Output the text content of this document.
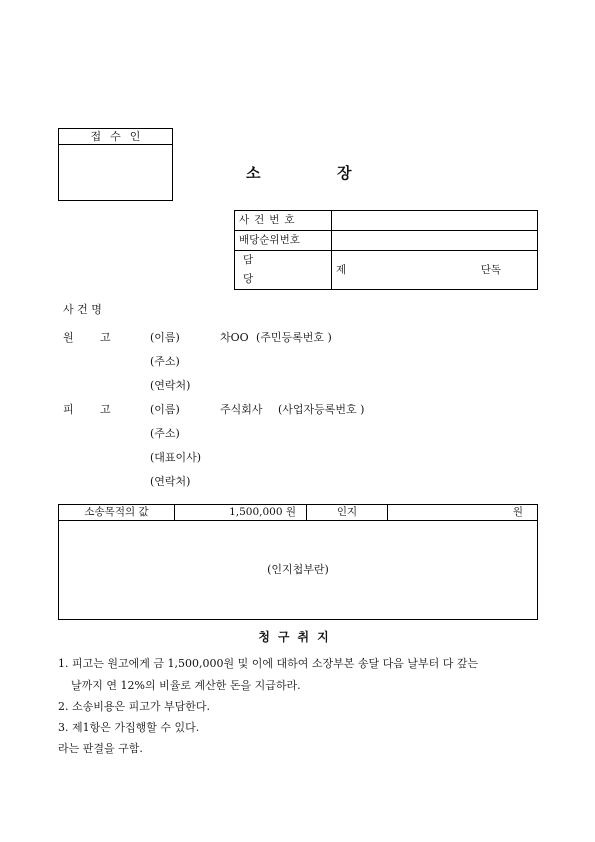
접수인
소	장
사건번호	
배당순위번호	
담당	제 단독
사 건 명
원 고	(이름)	차OO (주민등록번호 )
(주소)
(연락처)
피 고	(이름)	주식회사 (사업자등록번호 )
(주소)
(대표이사)
(연락처)
소송목적의 값	1,500,000 원	인지	원
(인지첩부란)
청구취지
1. 피고는 원고에게 금 1,500,000원 및 이에 대하여 소장부본 송달 다음 날부터 다 갚는
날까지 연 12%의 비율로 계산한 돈을 지급하라.
2. 소송비용은 피고가 부담한다.
3. 제1항은 가집행할 수 있다.
라는 판결을 구함.
